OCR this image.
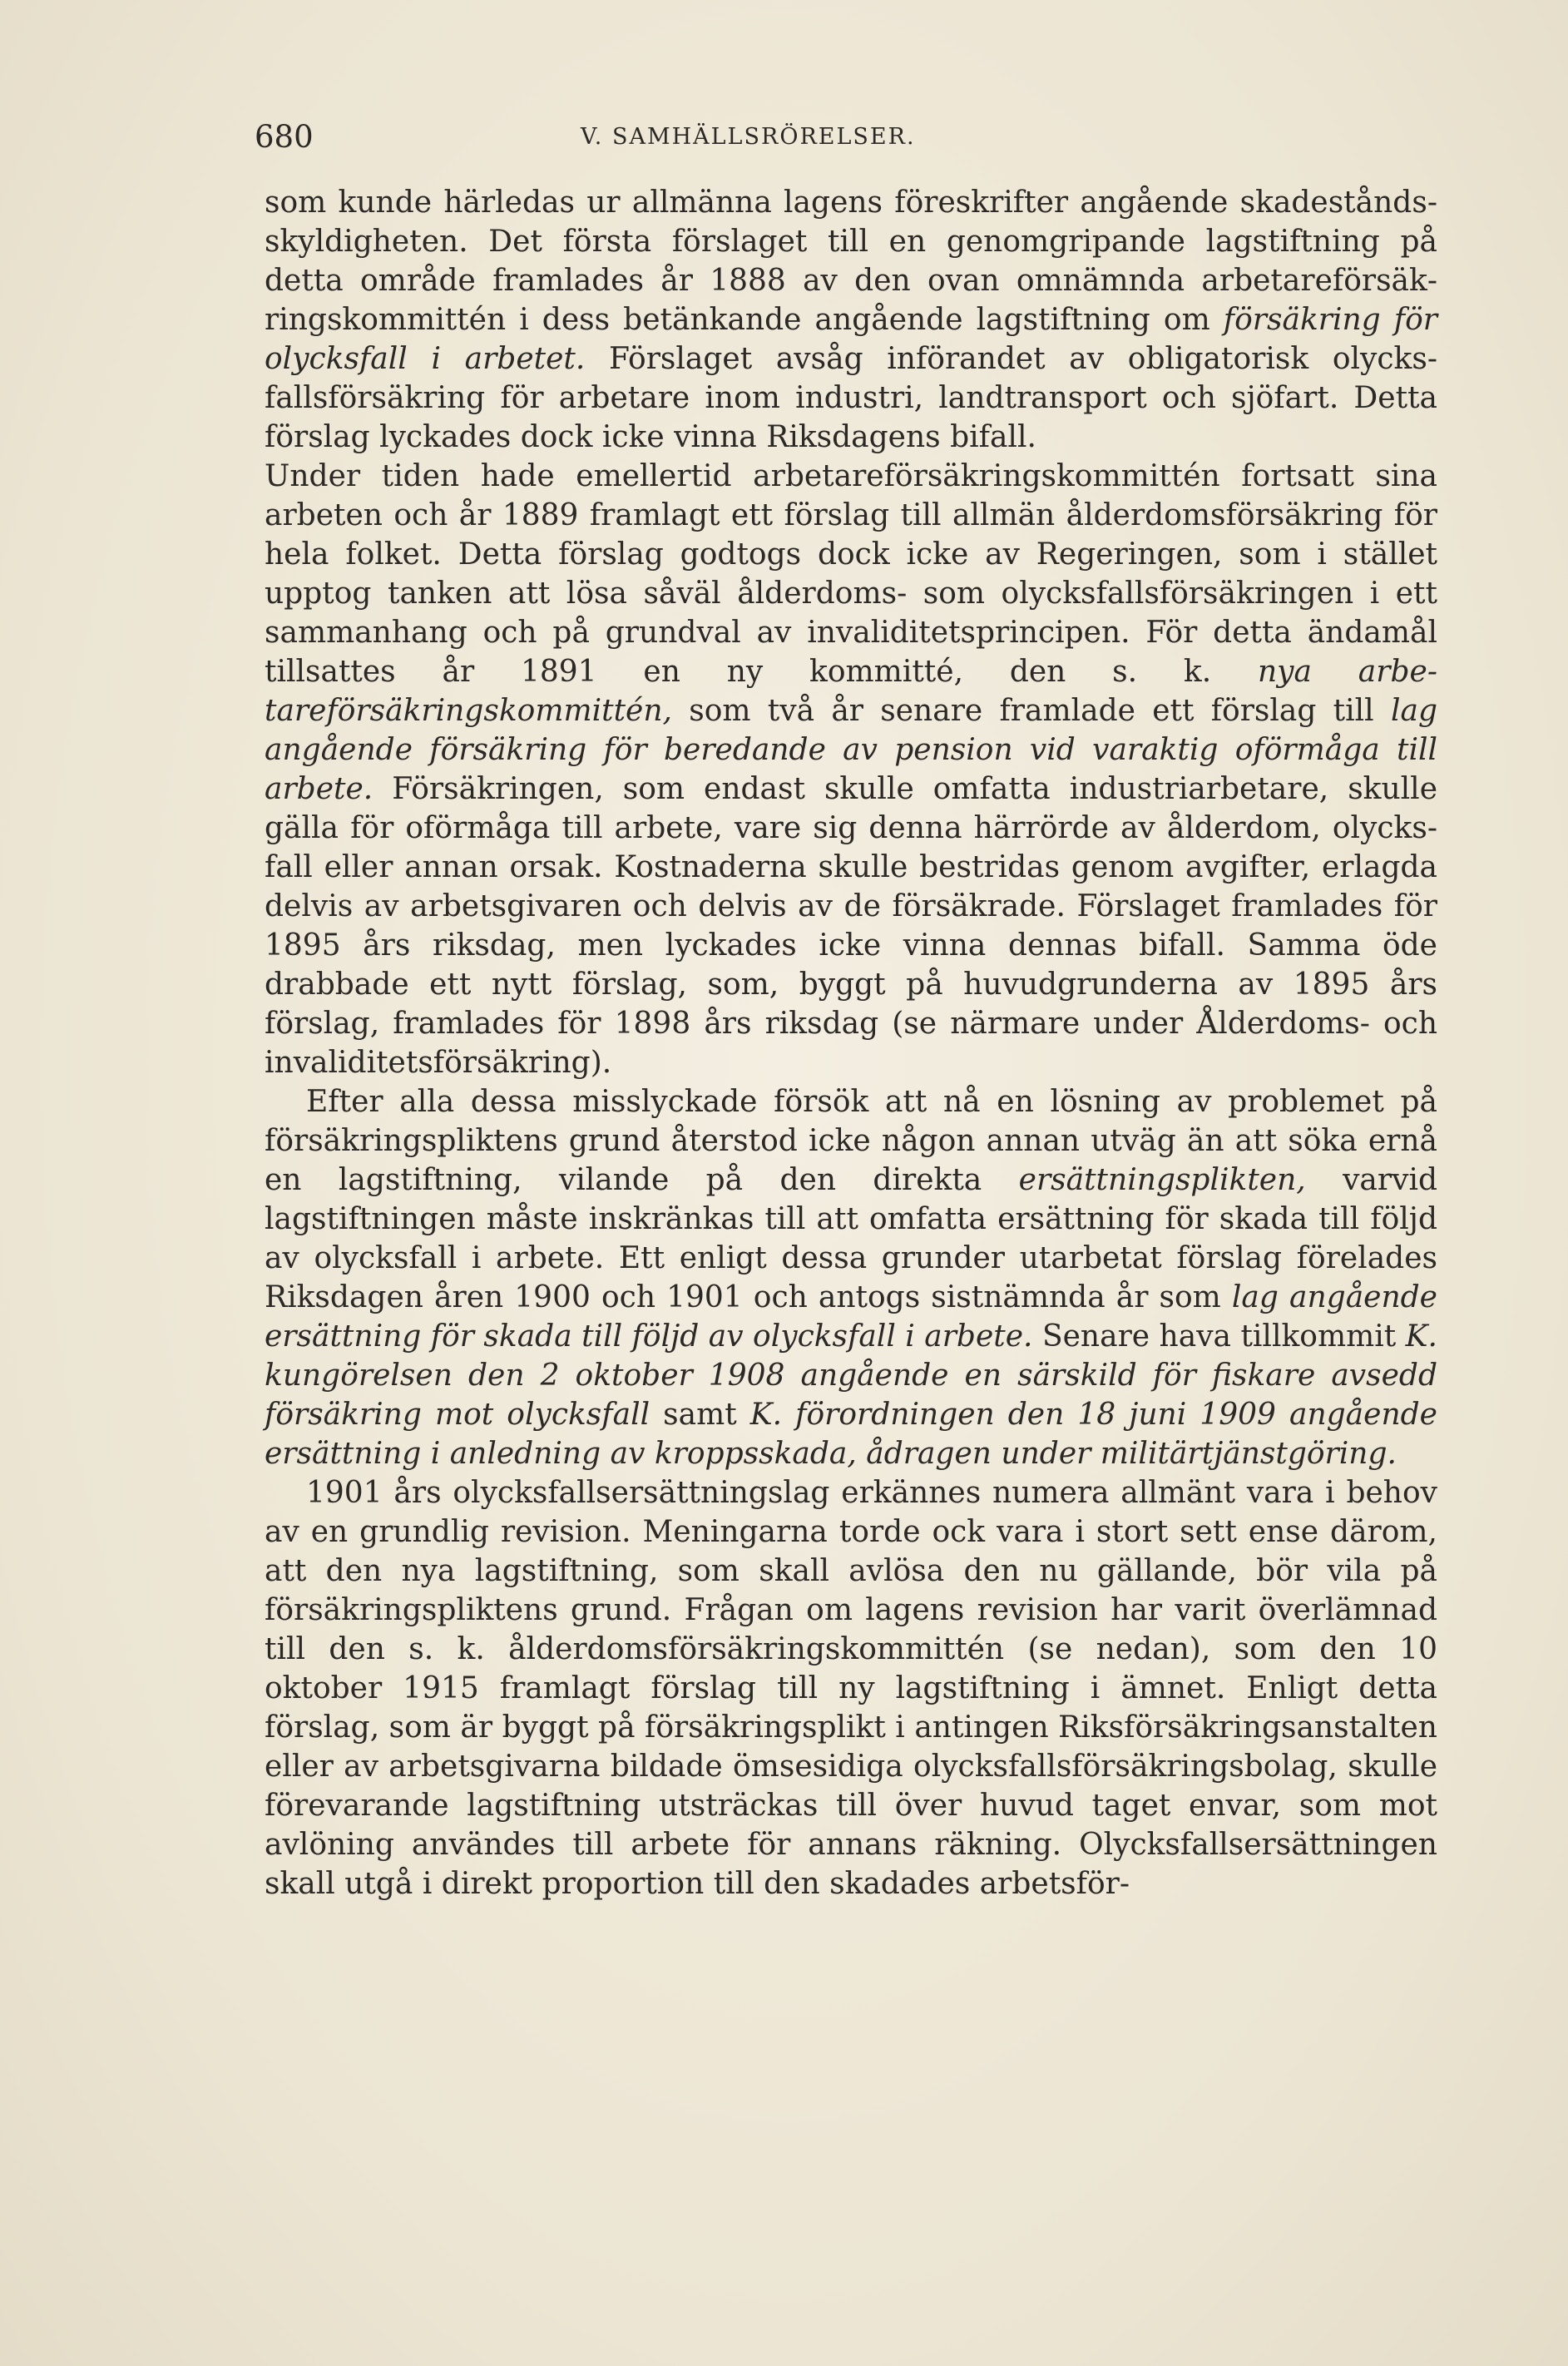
680	V. SAMHÄLLSRÖRELSER.

som kunde härledas ur allmänna lagens föreskrifter angående skadeståndsskyldigheten. Det första förslaget till en genomgripande lagstiftning på detta område framlades år 1888 av den ovan omnämnda arbetareförsäkringskommittén i dess betänkande angående lagstiftning om försäkring för olycksfall i arbetet. Förslaget avsåg införandet av obligatorisk olycksfallsförsäkring för arbetare inom industri, landtransport och sjöfart. Detta förslag lyckades dock icke vinna Riksdagens bifall.

Under tiden hade emellertid arbetareförsäkringskommittén fortsatt sina arbeten och år 1889 framlagt ett förslag till allmän ålderdomsförsäkring för hela folket. Detta förslag godtogs dock icke av Regeringen, som i stället upptog tanken att lösa såväl ålderdoms- som olycksfallsförsäkringen i ett sammanhang och på grundval av invaliditetsprincipen. För detta ändamål tillsattes år 1891 en ny kommitté, den s. k. nya arbetareförsäkringskommittén, som två år senare framlade ett förslag till lag angående försäkring för beredande av pension vid varaktig oförmåga till arbete. Försäkringen, som endast skulle omfatta industriarbetare, skulle gälla för oförmåga till arbete, vare sig denna härrörde av ålderdom, olycksfall eller annan orsak. Kostnaderna skulle bestridas genom avgifter, erlagda delvis av arbetsgivaren och delvis av de försäkrade. Förslaget framlades för 1895 års riksdag, men lyckades icke vinna dennas bifall. Samma öde drabbade ett nytt förslag, som, byggt på huvudgrunderna av 1895 års förslag, framlades för 1898 års riksdag (se närmare under Ålderdoms- och invaliditetsförsäkring).

Efter alla dessa misslyckade försök att nå en lösning av problemet på försäkringspliktens grund återstod icke någon annan utväg än att söka ernå en lagstiftning, vilande på den direkta ersättningsplikten, varvid lagstiftningen måste inskränkas till att omfatta ersättning för skada till följd av olycksfall i arbete. Ett enligt dessa grunder utarbetat förslag förelades Riksdagen åren 1900 och 1901 och antogs sistnämnda år som lag angående ersättning för skada till följd av olycksfall i arbete. Senare hava tillkommit K. kungörelsen den 2 oktober 1908 angående en särskild för fiskare avsedd försäkring mot olycksfall samt K. förordningen den 18 juni 1909 angående ersättning i anledning av kroppsskada, ådragen under militärtjänstgöring.

1901 års olycksfallsersättningslag erkännes numera allmänt vara i behov av en grundlig revision. Meningarna torde ock vara i stort sett ense därom, att den nya lagstiftning, som skall avlösa den nu gällande, bör vila på försäkringspliktens grund. Frågan om lagens revision har varit överlämnad till den s. k. ålderdomsförsäkringskommittén (se nedan), som den 10 oktober 1915 framlagt förslag till ny lagstiftning i ämnet. Enligt detta förslag, som är byggt på försäkringsplikt i antingen Riksförsäkringsanstalten eller av arbetsgivarna bildade ömsesidiga olycksfallsförsäkringsbolag, skulle förevarande lagstiftning utsträckas till över huvud taget envar, som mot avlöning användes till arbete för annans räkning. Olycksfallsersättningen skall utgå i direkt proportion till den skadades arbetsför-
